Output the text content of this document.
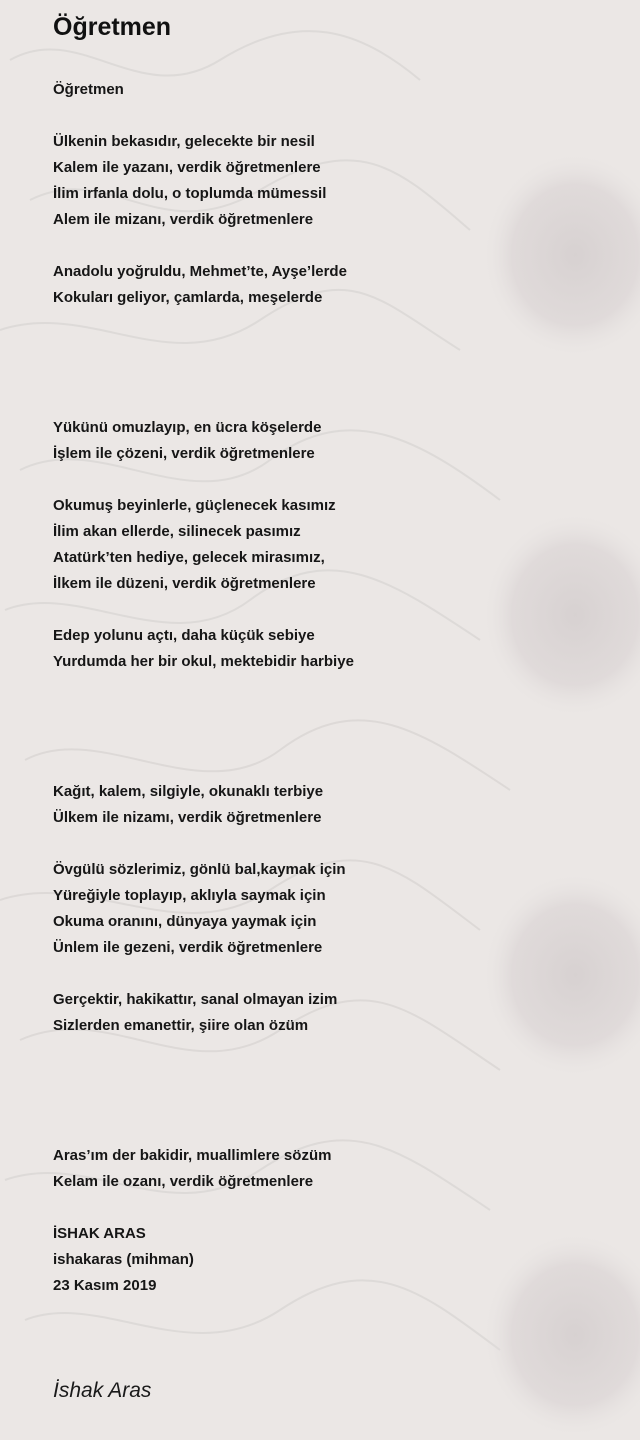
Öğretmen
Öğretmen
Ülkenin bekasıdır, gelecekte bir nesil
Kalem ile yazanı, verdik öğretmenlere
İlim irfanla dolu, o toplumda mümessil
Alem ile mizanı, verdik öğretmenlere
Anadolu yoğruldu, Mehmet’te, Ayşe’lerde
Kokuları geliyor, çamlarda, meşelerde
Yükünü omuzlayıp, en ücra köşelerde
İşlem ile çözeni, verdik öğretmenlere
Okumuş beyinlerle, güçlenecek kasımız
İlim akan ellerde, silinecek pasımız
Atatürk’ten hediye, gelecek mirasımız,
İlkem ile düzeni, verdik öğretmenlere
Edep yolunu açtı, daha küçük sebiye
Yurdumda her bir okul, mektebidir harbiye
Kağıt, kalem, silgiyle, okunaklı terbiye
Ülkem ile nizamı, verdik öğretmenlere
Övgülü sözlerimiz, gönlü bal,kaymak için
Yüreğiyle toplayıp, aklıyla saymak için
Okuma oranını, dünyaya yaymak için
Ünlem ile gezeni, verdik öğretmenlere
Gerçektir, hakikattır, sanal olmayan izim
Sizlerden emanettir, şiire olan özüm
Aras’ım der bakidir, muallimlere sözüm
Kelam ile ozanı, verdik öğretmenlere
İSHAK ARAS
ishakaras (mihman)
23 Kasım 2019
İshak Aras
